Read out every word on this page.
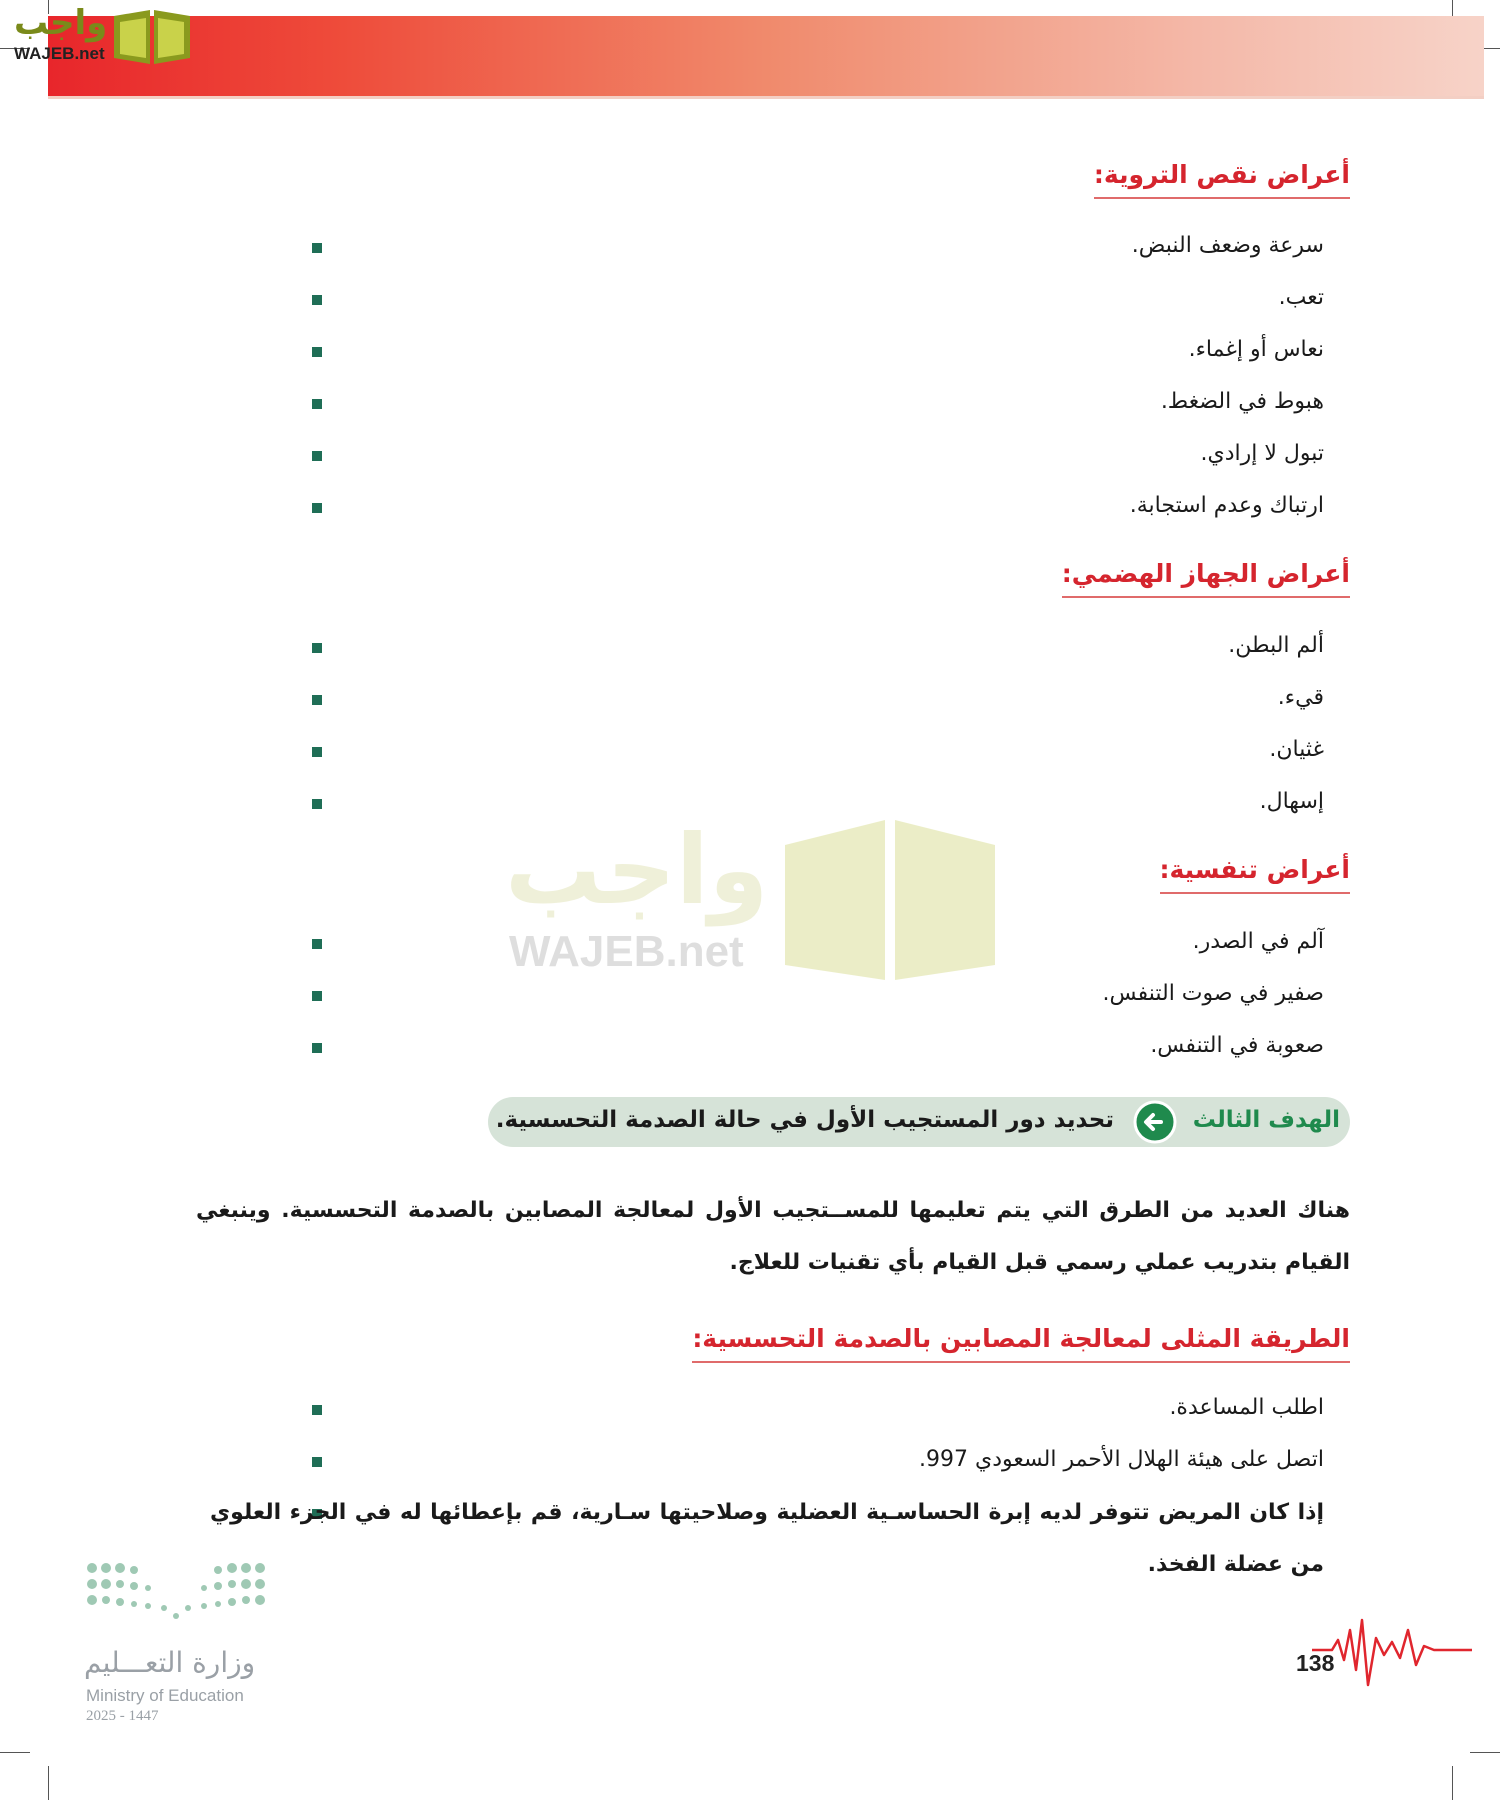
واجب
WAJEB.net
واجب
WAJEB.net
أعراض نقص التروية:
سرعة وضعف النبض.
تعب.
نعاس أو إغماء.
هبوط في الضغط.
تبول لا إرادي.
ارتباك وعدم استجابة.
أعراض الجهاز الهضمي:
ألم البطن.
قيء.
غثيان.
إسهال.
أعراض تنفسية:
آلم في الصدر.
صفير في صوت التنفس.
صعوبة في التنفس.
الهدف الثالث
تحديد دور المستجيب الأول في حالة الصدمة التحسسية.
هناك العديد من الطرق التي يتم تعليمها للمســتجيب الأول لمعالجة المصابين بالصدمة التحسسية. وينبغي القيام بتدريب عملي رسمي قبل القيام بأي تقنيات للعلاج.
الطريقة المثلى لمعالجة المصابين بالصدمة التحسسية:
اطلب المساعدة.
اتصل على هيئة الهلال الأحمر السعودي 997.
إذا كان المريض تتوفر لديه إبرة الحساسـية العضلية وصلاحيتها سـارية، قم بإعطائها له في الجزء العلوي من عضلة الفخذ.
وزارة التعـــليم
Ministry of Education
2025 - 1447
138
